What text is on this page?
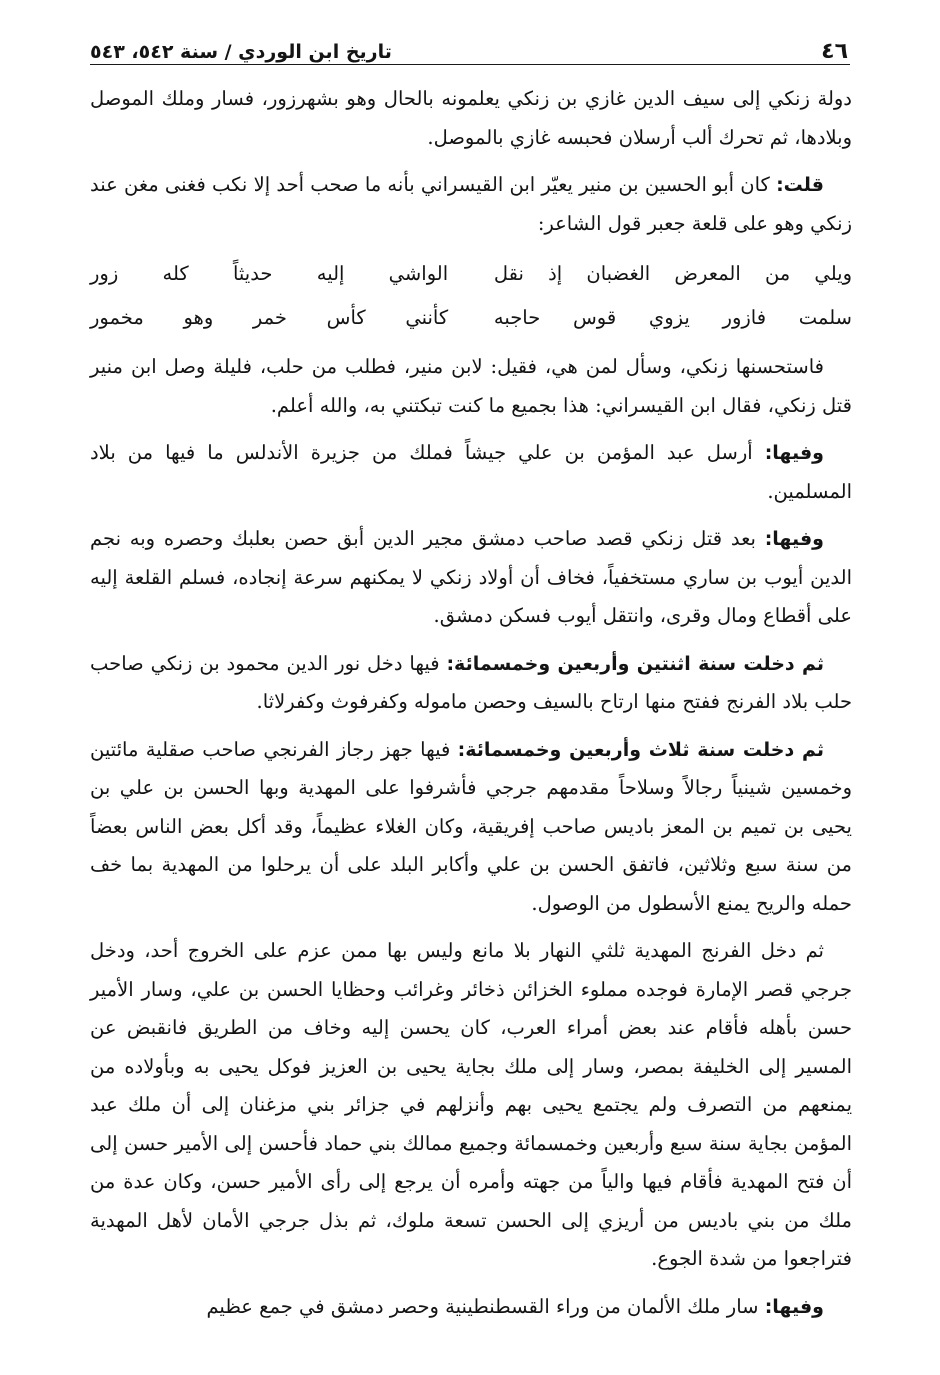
٤٦
تاريخ ابن الوردي / سنة ٥٤٢، ٥٤٣

دولة زنكي إلى سيف الدين غازي بن زنكي يعلمونه بالحال وهو بشهرزور، فسار وملك الموصل وبلادها، ثم تحرك ألب أرسلان فحبسه غازي بالموصل.

قلت: كان أبو الحسين بن منير يعيّر ابن القيسراني بأنه ما صحب أحد إلا نكب فغنى مغن عند زنكي وهو على قلعة جعبر قول الشاعر:

ويلي من المعرض الغضبان إذ نقل
الواشي إليه حديثاً كله زور
سلمت فازور يزوي قوس حاجبه
كأنني كأس خمر وهو مخمور

فاستحسنها زنكي، وسأل لمن هي، فقيل: لابن منير، فطلب من حلب، فليلة وصل ابن منير قتل زنكي، فقال ابن القيسراني: هذا بجميع ما كنت تبكتني به، والله أعلم.

وفيها: أرسل عبد المؤمن بن علي جيشاً فملك من جزيرة الأندلس ما فيها من بلاد المسلمين.

وفيها: بعد قتل زنكي قصد صاحب دمشق مجير الدين أبق حصن بعلبك وحصره وبه نجم الدين أيوب بن ساري مستخفياً، فخاف أن أولاد زنكي لا يمكنهم سرعة إنجاده، فسلم القلعة إليه على أقطاع ومال وقرى، وانتقل أيوب فسكن دمشق.

ثم دخلت سنة اثنتين وأربعين وخمسمائة: فيها دخل نور الدين محمود بن زنكي صاحب حلب بلاد الفرنج ففتح منها ارتاح بالسيف وحصن ماموله وكفرفوث وكفرلاثا.

ثم دخلت سنة ثلاث وأربعين وخمسمائة: فيها جهز رجاز الفرنجي صاحب صقلية مائتين وخمسين شينياً رجالاً وسلاحاً مقدمهم جرجي فأشرفوا على المهدية وبها الحسن بن علي بن يحيى بن تميم بن المعز باديس صاحب إفريقية، وكان الغلاء عظيماً، وقد أكل بعض الناس بعضاً من سنة سبع وثلاثين، فاتفق الحسن بن علي وأكابر البلد على أن يرحلوا من المهدية بما خف حمله والريح يمنع الأسطول من الوصول.

ثم دخل الفرنج المهدية ثلثي النهار بلا مانع وليس بها ممن عزم على الخروج أحد، ودخل جرجي قصر الإمارة فوجده مملوء الخزائن ذخائر وغرائب وحظايا الحسن بن علي، وسار الأمير حسن بأهله فأقام عند بعض أمراء العرب، كان يحسن إليه وخاف من الطريق فانقبض عن المسير إلى الخليفة بمصر، وسار إلى ملك بجاية يحيى بن العزيز فوكل يحيى به وبأولاده من يمنعهم من التصرف ولم يجتمع يحيى بهم وأنزلهم في جزائر بني مزغنان إلى أن ملك عبد المؤمن بجاية سنة سبع وأربعين وخمسمائة وجميع ممالك بني حماد فأحسن إلى الأمير حسن إلى أن فتح المهدية فأقام فيها والياً من جهته وأمره أن يرجع إلى رأى الأمير حسن، وكان عدة من ملك من بني باديس من أريزي إلى الحسن تسعة ملوك، ثم بذل جرجي الأمان لأهل المهدية فتراجعوا من شدة الجوع.

وفيها: سار ملك الألمان من وراء القسطنطينية وحصر دمشق في جمع عظيم
